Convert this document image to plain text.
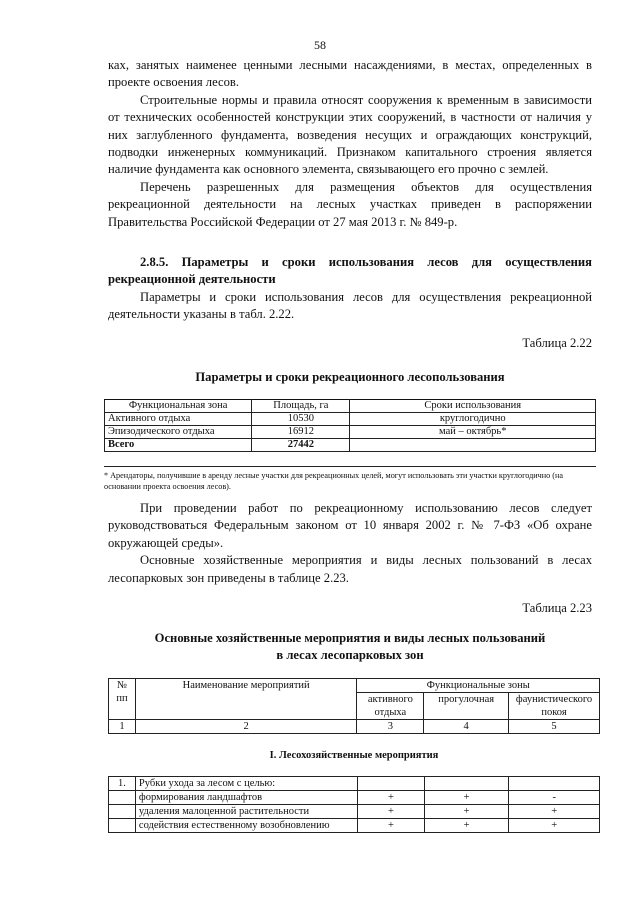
58

ках, занятых наименее ценными лесными насаждениями, в местах, определенных в проекте освоения лесов.

Строительные нормы и правила относят сооружения к временным в зависимости от технических особенностей конструкции этих сооружений, в частности от наличия у них заглубленного фундамента, возведения несущих и ограждающих конструкций, подводки инженерных коммуникаций. Признаком капитального строения является наличие фундамента как основного элемента, связывающего его прочно с землей.

Перечень разрешенных для размещения объектов для осуществления рекреационной деятельности на лесных участках приведен в распоряжении Правительства Российской Федерации от 27 мая 2013 г. № 849-р.

2.8.5. Параметры и сроки использования лесов для осуществления рекреационной деятельности

Параметры и сроки использования лесов для осуществления рекреационной деятельности указаны в табл. 2.22.

Таблица 2.22
Параметры и сроки рекреационного лесопользования
Функциональная зона	Площадь, га	Сроки использования
Активного отдыха	10530	круглогодично
Эпизодического отдыха	16912	май – октябрь*
Всего	27442	
* Арендаторы, получившие в аренду лесные участки для рекреационных целей, могут использовать эти участки круглогодично (на основании проекта освоения лесов).

При проведении работ по рекреационному использованию лесов следует руководствоваться Федеральным законом от 10 января 2002 г. № 7-ФЗ «Об охране окружающей среды».

Основные хозяйственные мероприятия и виды лесных пользований в лесах лесопарковых зон приведены в таблице 2.23.

Таблица 2.23
Основные хозяйственные мероприятия и виды лесных пользований
в лесах лесопарковых зон
№ пп	Наименование мероприятий	Функциональные зоны		
		активного отдыха	прогулочная	фаунистического покоя
1	2	3	4	5
I. Лесохозяйственные мероприятия
1.	Рубки ухода за лесом с целью:			
	формирования ландшафтов	+	+	-
	удаления малоценной растительности	+	+	+
	содействия естественному возобновлению	+	+	+
